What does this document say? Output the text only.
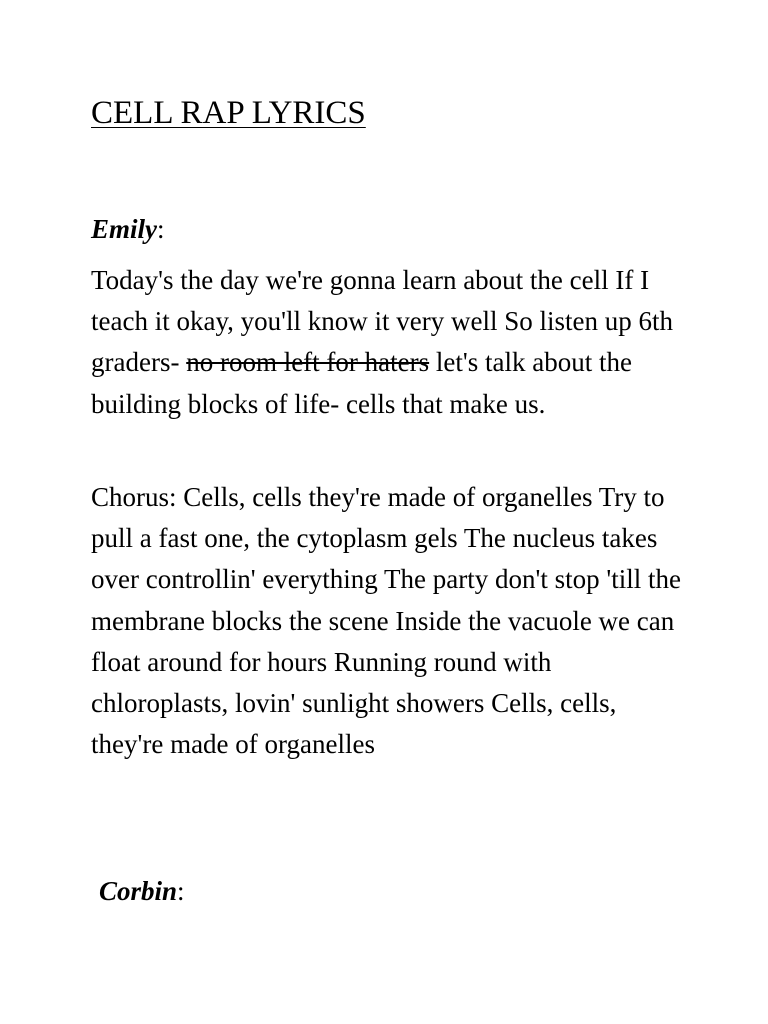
CELL RAP LYRICS

Emily:

Today's the day we're gonna learn about the cell If I teach it okay, you'll know it very well So listen up 6th graders- no room left for haters let's talk about the building blocks of life- cells that make us.

Chorus: Cells, cells they're made of organelles Try to pull a fast one, the cytoplasm gels The nucleus takes over controllin' everything The party don't stop 'till the membrane blocks the scene Inside the vacuole we can float around for hours Running round with chloroplasts, lovin' sunlight showers Cells, cells, they're made of organelles

Corbin:
